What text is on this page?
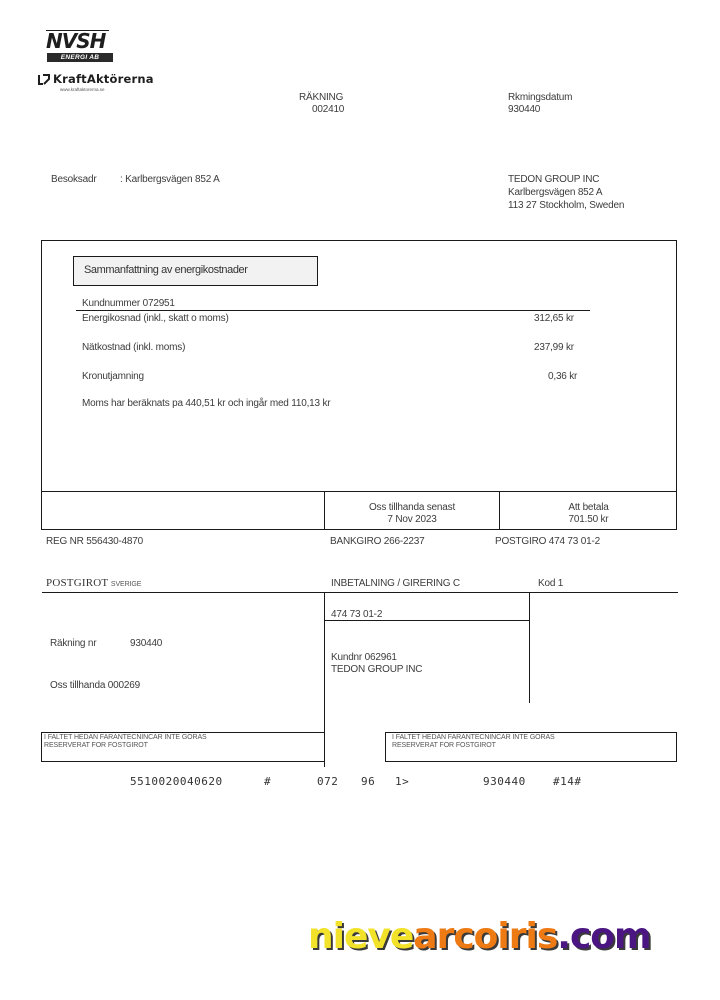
NVSH
ENERGI AB
KraftAktörerna
www.kraftaktorerna.se
RÄKNING
002410
Rkmingsdatum
930440
Besoksadr : Karlbergsvägen 852 A	TEDON GROUP INC
Karlbergsvägen 852 A
113 27 Stockholm, Sweden
Sammanfattning av energikostnader
Kundnummer 072951
Energikosnad (inkl., skatt o moms)	312,65 kr
Nätkostnad (inkl. moms)	237,99 kr
Kronutjamning	0,36 kr
Moms har beräknats pa 440,51 kr och ingår med 110,13 kr
Oss tillhanda senast
7 Nov 2023
Att betala
701.50 kr
REG NR 556430-4870	BANKGIRO 266-2237	POSTGIRO 474 73 01-2
POSTGIROT SVERIGE	INBETALNING / GIRERING C	Kod 1
474 73 01-2
Räkning nr	930440
Oss tillhanda 000269
Kundnr 062961
TEDON GROUP INC
I FALTET HEDAN FARANTECNINCAR INTE GORAS
RESERVERAT FOR FOSTGIROT
I FALTET HEDAN FARANTECNINCAR INTE GORAS
RESERVERAT FOR FOSTGIROT
5510020040620	#	072 96 1>	930440 #14#
nievearcoiris.com
